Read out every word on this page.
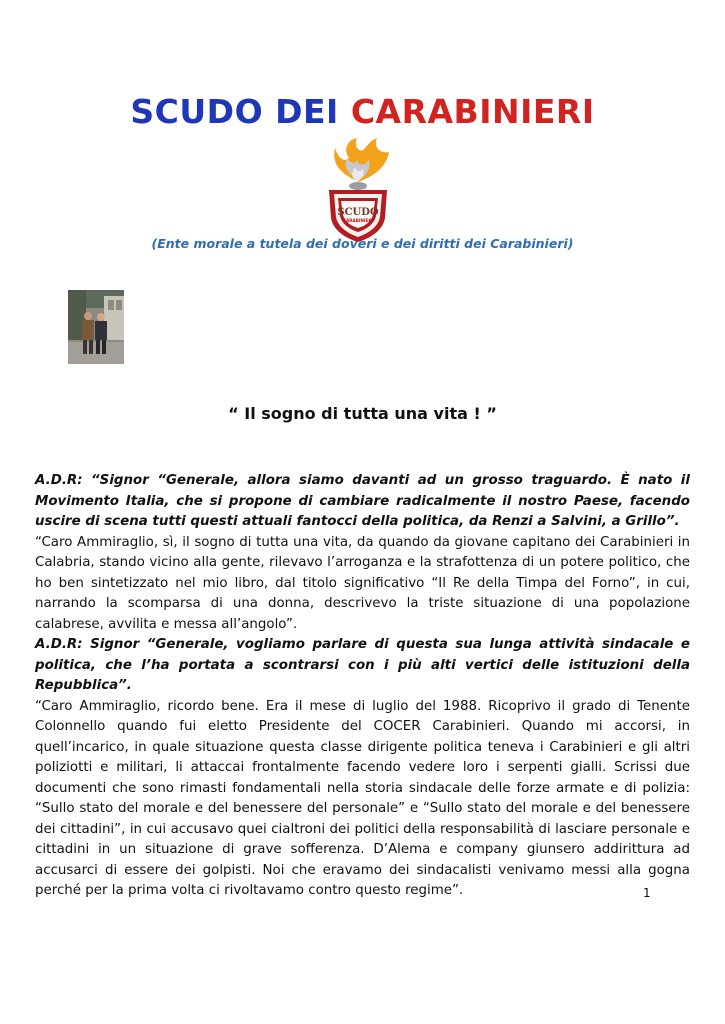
SCUDO DEI CARABINIERI
SCUDO
CARABINIERI
(Ente morale a tutela dei doveri e dei diritti dei Carabinieri)
“ Il sogno di tutta una vita ! ”

A.D.R: “Signor “Generale, allora siamo davanti ad un grosso traguardo. È nato il Movimento Italia, che si propone di cambiare radicalmente il nostro Paese, facendo uscire di scena tutti questi attuali fantocci della politica, da Renzi a Salvini, a Grillo”.

“Caro Ammiraglio, sì, il sogno di tutta una vita, da quando da giovane capitano dei Carabinieri in Calabria, stando vicino alla gente, rilevavo l’arroganza e la strafottenza di un potere politico, che ho ben sintetizzato nel mio libro, dal titolo significativo “Il Re della Timpa del Forno”, in cui, narrando la scomparsa di una donna, descrivevo la triste situazione di una popolazione calabrese, avvilita e messa all’angolo”.

A.D.R: Signor “Generale, vogliamo parlare di questa sua lunga attività sindacale e politica, che l’ha portata a scontrarsi con i più alti vertici delle istituzioni della Repubblica”.

“Caro Ammiraglio, ricordo bene. Era il mese di luglio del 1988. Ricoprivo il grado di Tenente Colonnello quando fui eletto Presidente del COCER Carabinieri. Quando mi accorsi, in quell’incarico, in quale situazione questa classe dirigente politica teneva i Carabinieri e gli altri poliziotti e militari, li attaccai frontalmente facendo vedere loro i serpenti gialli. Scrissi due documenti che sono rimasti fondamentali nella storia sindacale delle forze armate e di polizia: “Sullo stato del morale e del benessere del personale” e “Sullo stato del morale e del benessere dei cittadini”, in cui accusavo quei cialtroni dei politici della responsabilità di lasciare personale e cittadini in un situazione di grave sofferenza. D’Alema e company giunsero addirittura ad accusarci di essere dei golpisti. Noi che eravamo dei sindacalisti venivamo messi alla gogna perché per la prima volta ci rivoltavamo contro questo regime”.	1
